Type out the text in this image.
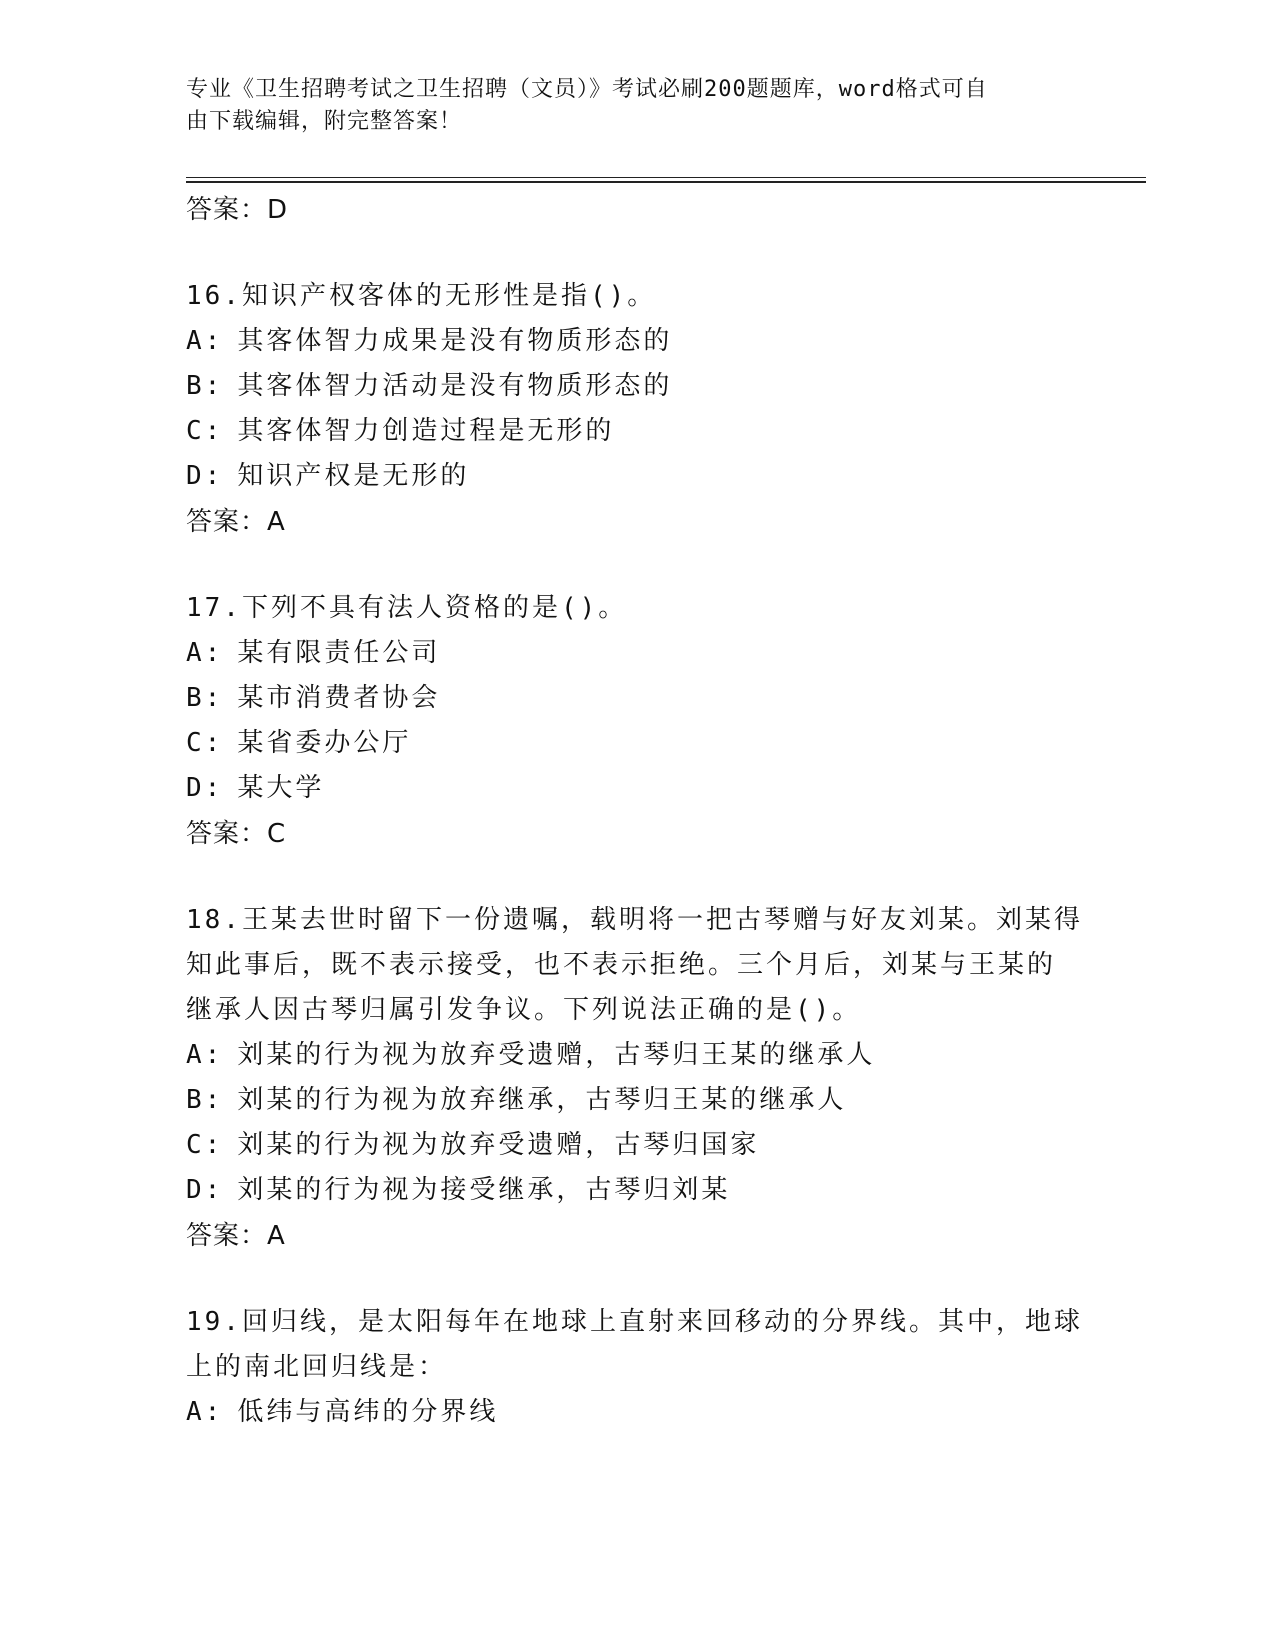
专业《卫生招聘考试之卫生招聘（文员）》考试必刷200题题库，word格式可自
由下载编辑，附完整答案！
答案：D
16.知识产权客体的无形性是指()。
A: 其客体智力成果是没有物质形态的
B: 其客体智力活动是没有物质形态的
C: 其客体智力创造过程是无形的
D: 知识产权是无形的
答案：A
17.下列不具有法人资格的是()。
A: 某有限责任公司
B: 某市消费者协会
C: 某省委办公厅
D: 某大学
答案：C
18.王某去世时留下一份遗嘱，载明将一把古琴赠与好友刘某。刘某得
知此事后，既不表示接受，也不表示拒绝。三个月后，刘某与王某的
继承人因古琴归属引发争议。下列说法正确的是()。
A: 刘某的行为视为放弃受遗赠，古琴归王某的继承人
B: 刘某的行为视为放弃继承，古琴归王某的继承人
C: 刘某的行为视为放弃受遗赠，古琴归国家
D: 刘某的行为视为接受继承，古琴归刘某
答案：A
19.回归线，是太阳每年在地球上直射来回移动的分界线。其中，地球
上的南北回归线是：
A: 低纬与高纬的分界线
